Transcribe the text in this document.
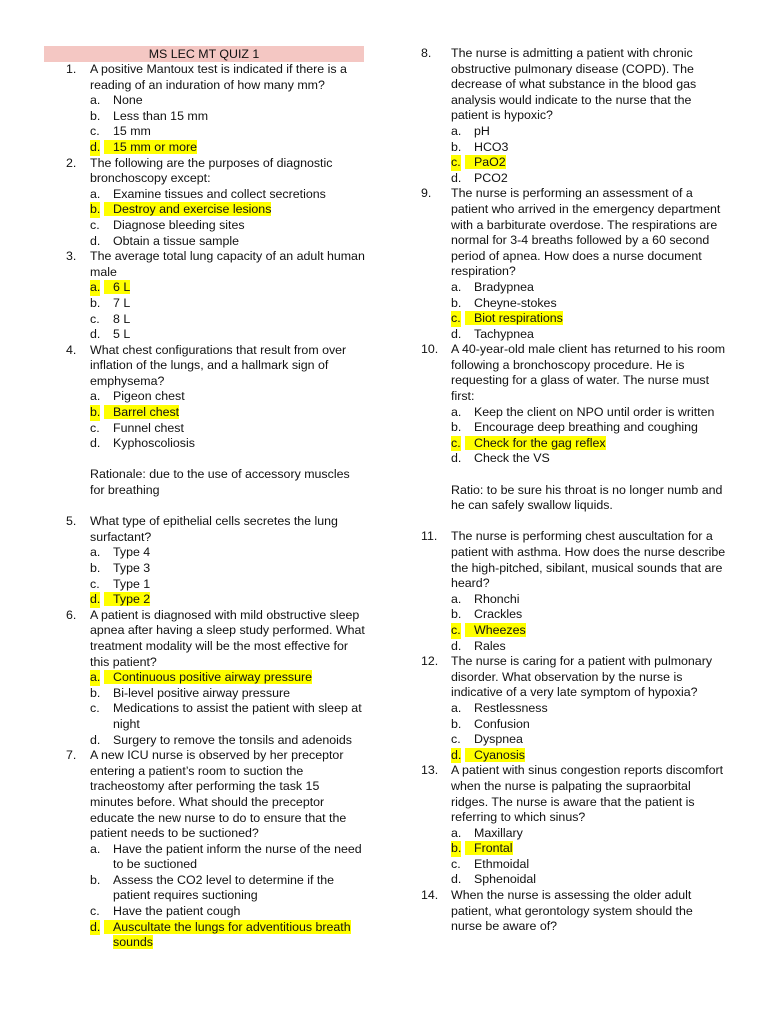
MS LEC MT QUIZ 1
1. A positive Mantoux test is indicated if there is a reading of an induration of how many mm?
a. None
b. Less than 15 mm
c. 15 mm
d. 15 mm or more
2. The following are the purposes of diagnostic bronchoscopy except:
a. Examine tissues and collect secretions
b. Destroy and exercise lesions
c. Diagnose bleeding sites
d. Obtain a tissue sample
3. The average total lung capacity of an adult human male
a. 6 L
b. 7 L
c. 8 L
d. 5 L
4. What chest configurations that result from over inflation of the lungs, and a hallmark sign of emphysema?
a. Pigeon chest
b. Barrel chest
c. Funnel chest
d. Kyphoscoliosis
Rationale: due to the use of accessory muscles for breathing
5. What type of epithelial cells secretes the lung surfactant?
a. Type 4
b. Type 3
c. Type 1
d. Type 2
6. A patient is diagnosed with mild obstructive sleep apnea after having a sleep study performed. What treatment modality will be the most effective for this patient?
a. Continuous positive airway pressure
b. Bi-level positive airway pressure
c. Medications to assist the patient with sleep at night
d. Surgery to remove the tonsils and adenoids
7. A new ICU nurse is observed by her preceptor entering a patient’s room to suction the tracheostomy after performing the task 15 minutes before. What should the preceptor educate the new nurse to do to ensure that the patient needs to be suctioned?
a. Have the patient inform the nurse of the need to be suctioned
b. Assess the CO2 level to determine if the patient requires suctioning
c. Have the patient cough
d. Auscultate the lungs for adventitious breath sounds
8. The nurse is admitting a patient with chronic obstructive pulmonary disease (COPD). The decrease of what substance in the blood gas analysis would indicate to the nurse that the patient is hypoxic?
a. pH
b. HCO3
c. PaO2
d. PCO2
9. The nurse is performing an assessment of a patient who arrived in the emergency department with a barbiturate overdose. The respirations are normal for 3-4 breaths followed by a 60 second period of apnea. How does a nurse document respiration?
a. Bradypnea
b. Cheyne-stokes
c. Biot respirations
d. Tachypnea
10. A 40-year-old male client has returned to his room following a bronchoscopy procedure. He is requesting for a glass of water. The nurse must first:
a. Keep the client on NPO until order is written
b. Encourage deep breathing and coughing
c. Check for the gag reflex
d. Check the VS
Ratio: to be sure his throat is no longer numb and he can safely swallow liquids.
11. The nurse is performing chest auscultation for a patient with asthma. How does the nurse describe the high-pitched, sibilant, musical sounds that are heard?
a. Rhonchi
b. Crackles
c. Wheezes
d. Rales
12. The nurse is caring for a patient with pulmonary disorder. What observation by the nurse is indicative of a very late symptom of hypoxia?
a. Restlessness
b. Confusion
c. Dyspnea
d. Cyanosis
13. A patient with sinus congestion reports discomfort when the nurse is palpating the supraorbital ridges. The nurse is aware that the patient is referring to which sinus?
a. Maxillary
b. Frontal
c. Ethmoidal
d. Sphenoidal
14. When the nurse is assessing the older adult patient, what gerontology system should the nurse be aware of?
